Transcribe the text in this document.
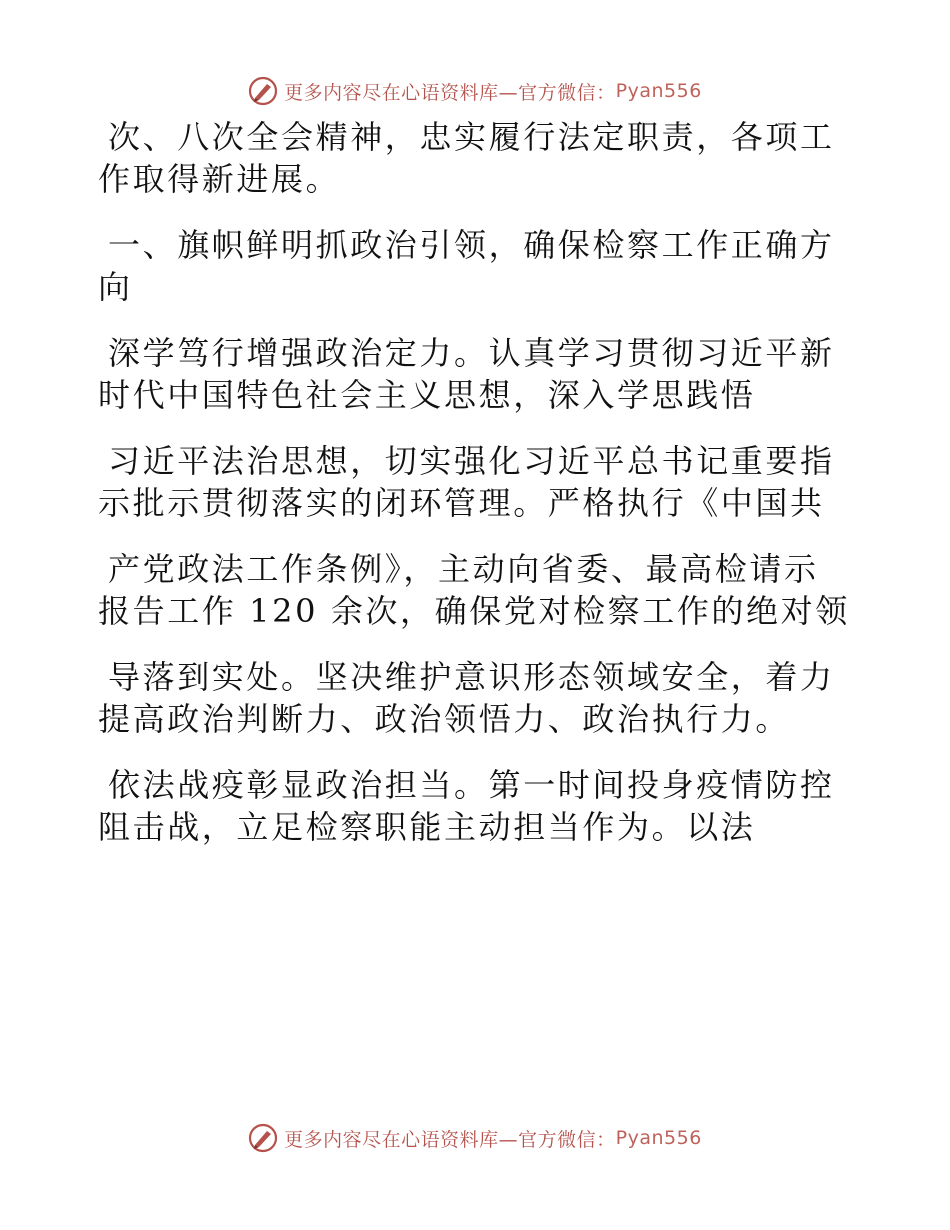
更多内容尽在心语资料库—官方微信： Pyan556
次、八次全会精神，忠实履行法定职责，各项工
作取得新进展。
一、旗帜鲜明抓政治引领，确保检察工作正确方
向
深学笃行增强政治定力。认真学习贯彻习近平新
时代中国特色社会主义思想，深入学思践悟
习近平法治思想，切实强化习近平总书记重要指
示批示贯彻落实的闭环管理。严格执行《中国共
产党政法工作条例》，主动向省委、最高检请示
报告工作 120 余次，确保党对检察工作的绝对领
导落到实处。坚决维护意识形态领域安全，着力
提高政治判断力、政治领悟力、政治执行力。
依法战疫彰显政治担当。第一时间投身疫情防控
阻击战，立足检察职能主动担当作为。以法
更多内容尽在心语资料库—官方微信： Pyan556
